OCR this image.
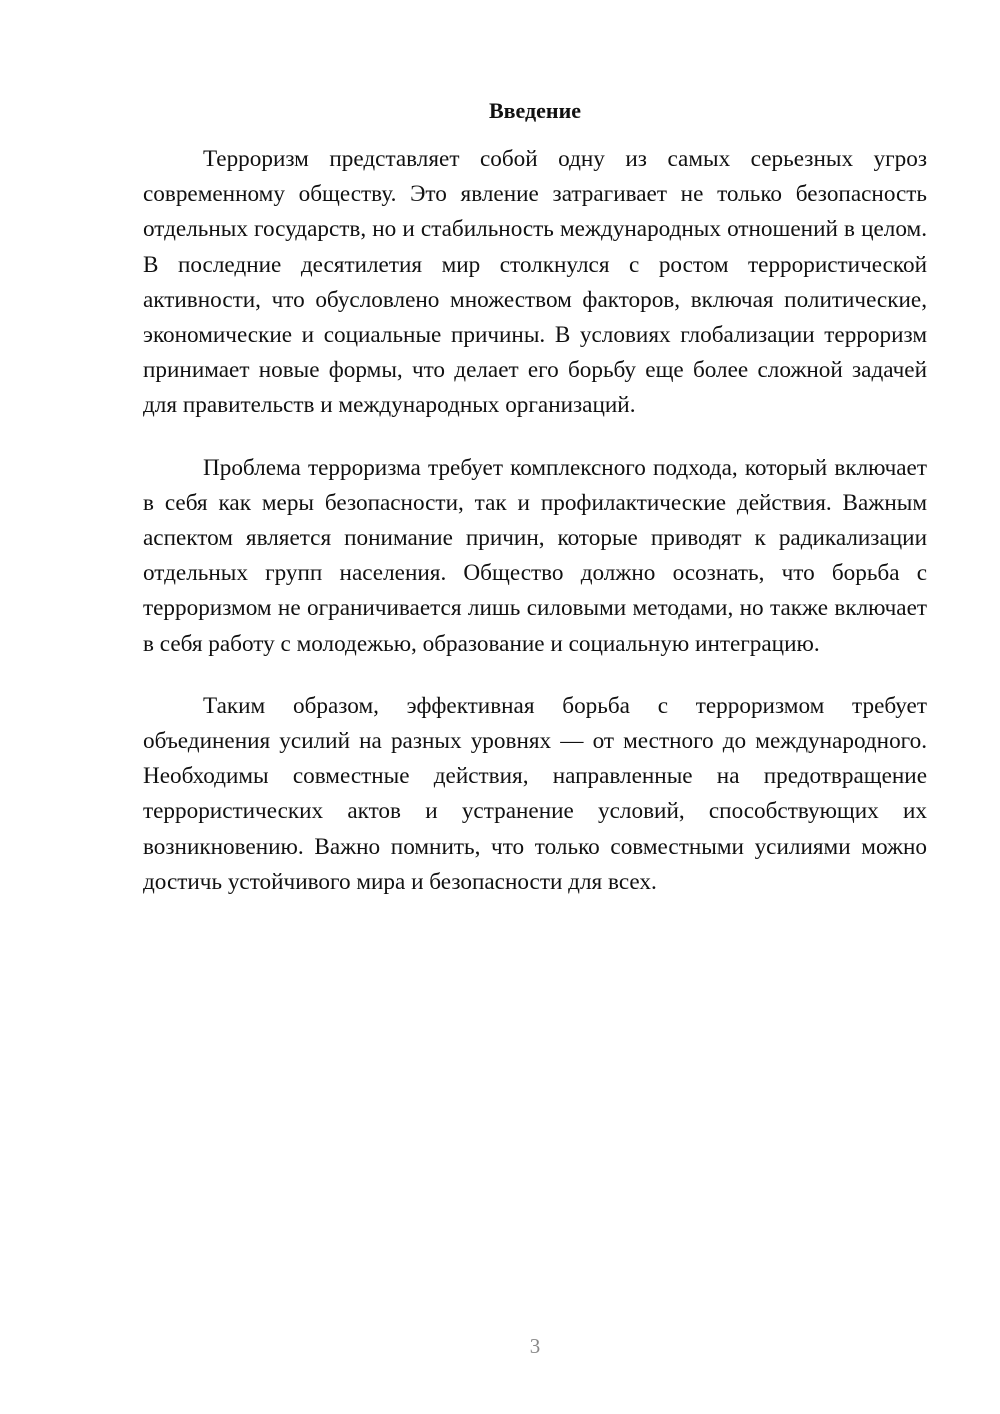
Введение

Терроризм представляет собой одну из самых серьезных угроз современному обществу. Это явление затрагивает не только безопасность отдельных государств, но и стабильность международных отношений в целом. В последние десятилетия мир столкнулся с ростом террористической активности, что обусловлено множеством факторов, включая политические, экономические и социальные причины. В условиях глобализации терроризм принимает новые формы, что делает его борьбу еще более сложной задачей для правительств и международных организаций.

Проблема терроризма требует комплексного подхода, который включает в себя как меры безопасности, так и профилактические действия. Важным аспектом является понимание причин, которые приводят к радикализации отдельных групп населения. Общество должно осознать, что борьба с терроризмом не ограничивается лишь силовыми методами, но также включает в себя работу с молодежью, образование и социальную интеграцию.

Таким образом, эффективная борьба с терроризмом требует объединения усилий на разных уровнях — от местного до международного. Необходимы совместные действия, направленные на предотвращение террористических актов и устранение условий, способствующих их возникновению. Важно помнить, что только совместными усилиями можно достичь устойчивого мира и безопасности для всех.

3
